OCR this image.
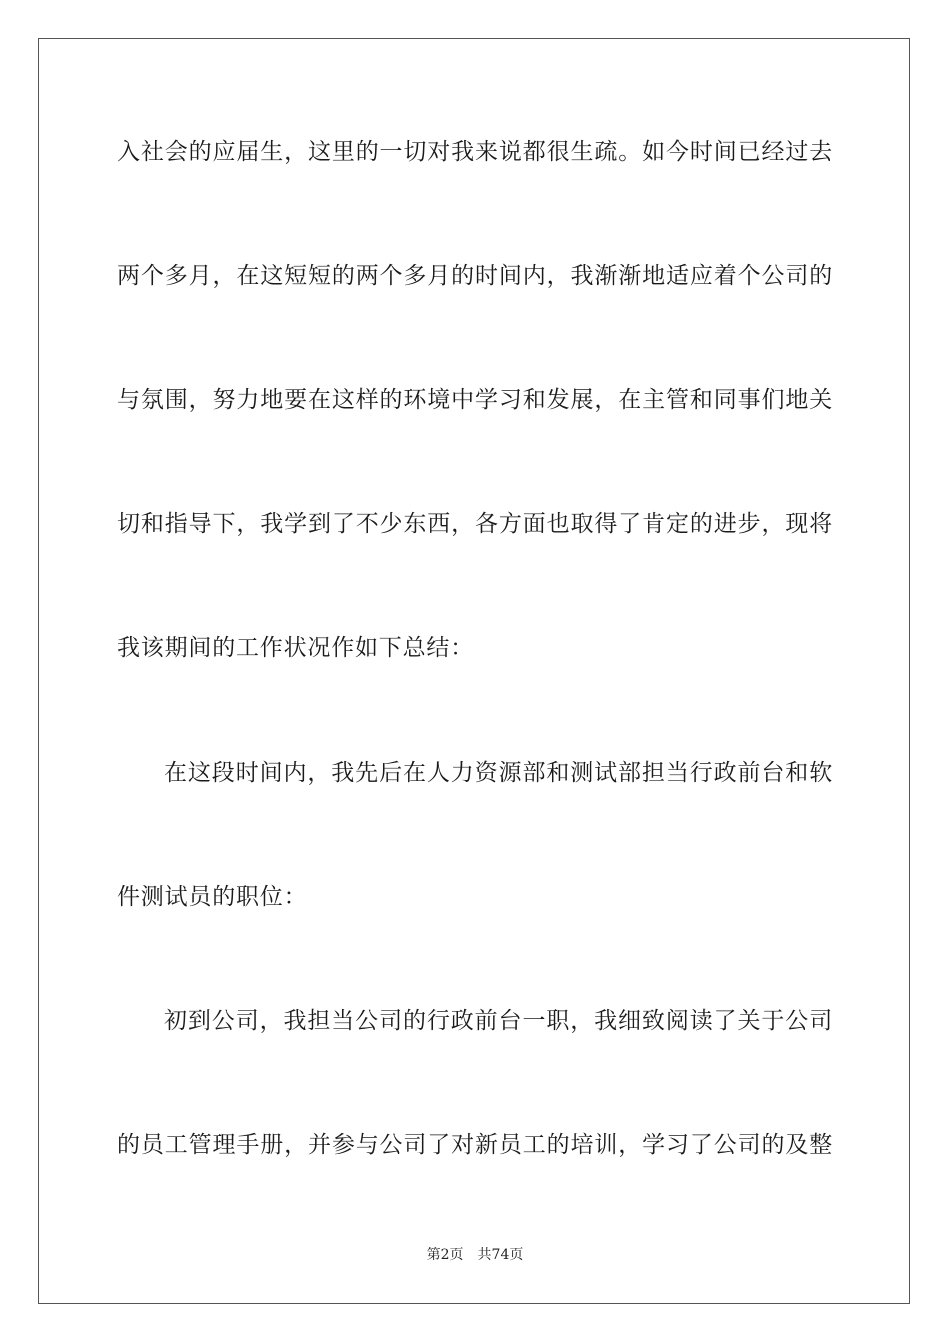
入社会的应届生，这里的一切对我来说都很生疏。如今时间已经过去
两个多月，在这短短的两个多月的时间内，我渐渐地适应着个公司的
与氛围，努力地要在这样的环境中学习和发展，在主管和同事们地关
切和指导下，我学到了不少东西，各方面也取得了肯定的进步，现将
我该期间的工作状况作如下总结：
在这段时间内，我先后在人力资源部和测试部担当行政前台和软
件测试员的职位：
初到公司，我担当公司的行政前台一职，我细致阅读了关于公司
的员工管理手册，并参与公司了对新员工的培训，学习了公司的及整
第2页 共74页
